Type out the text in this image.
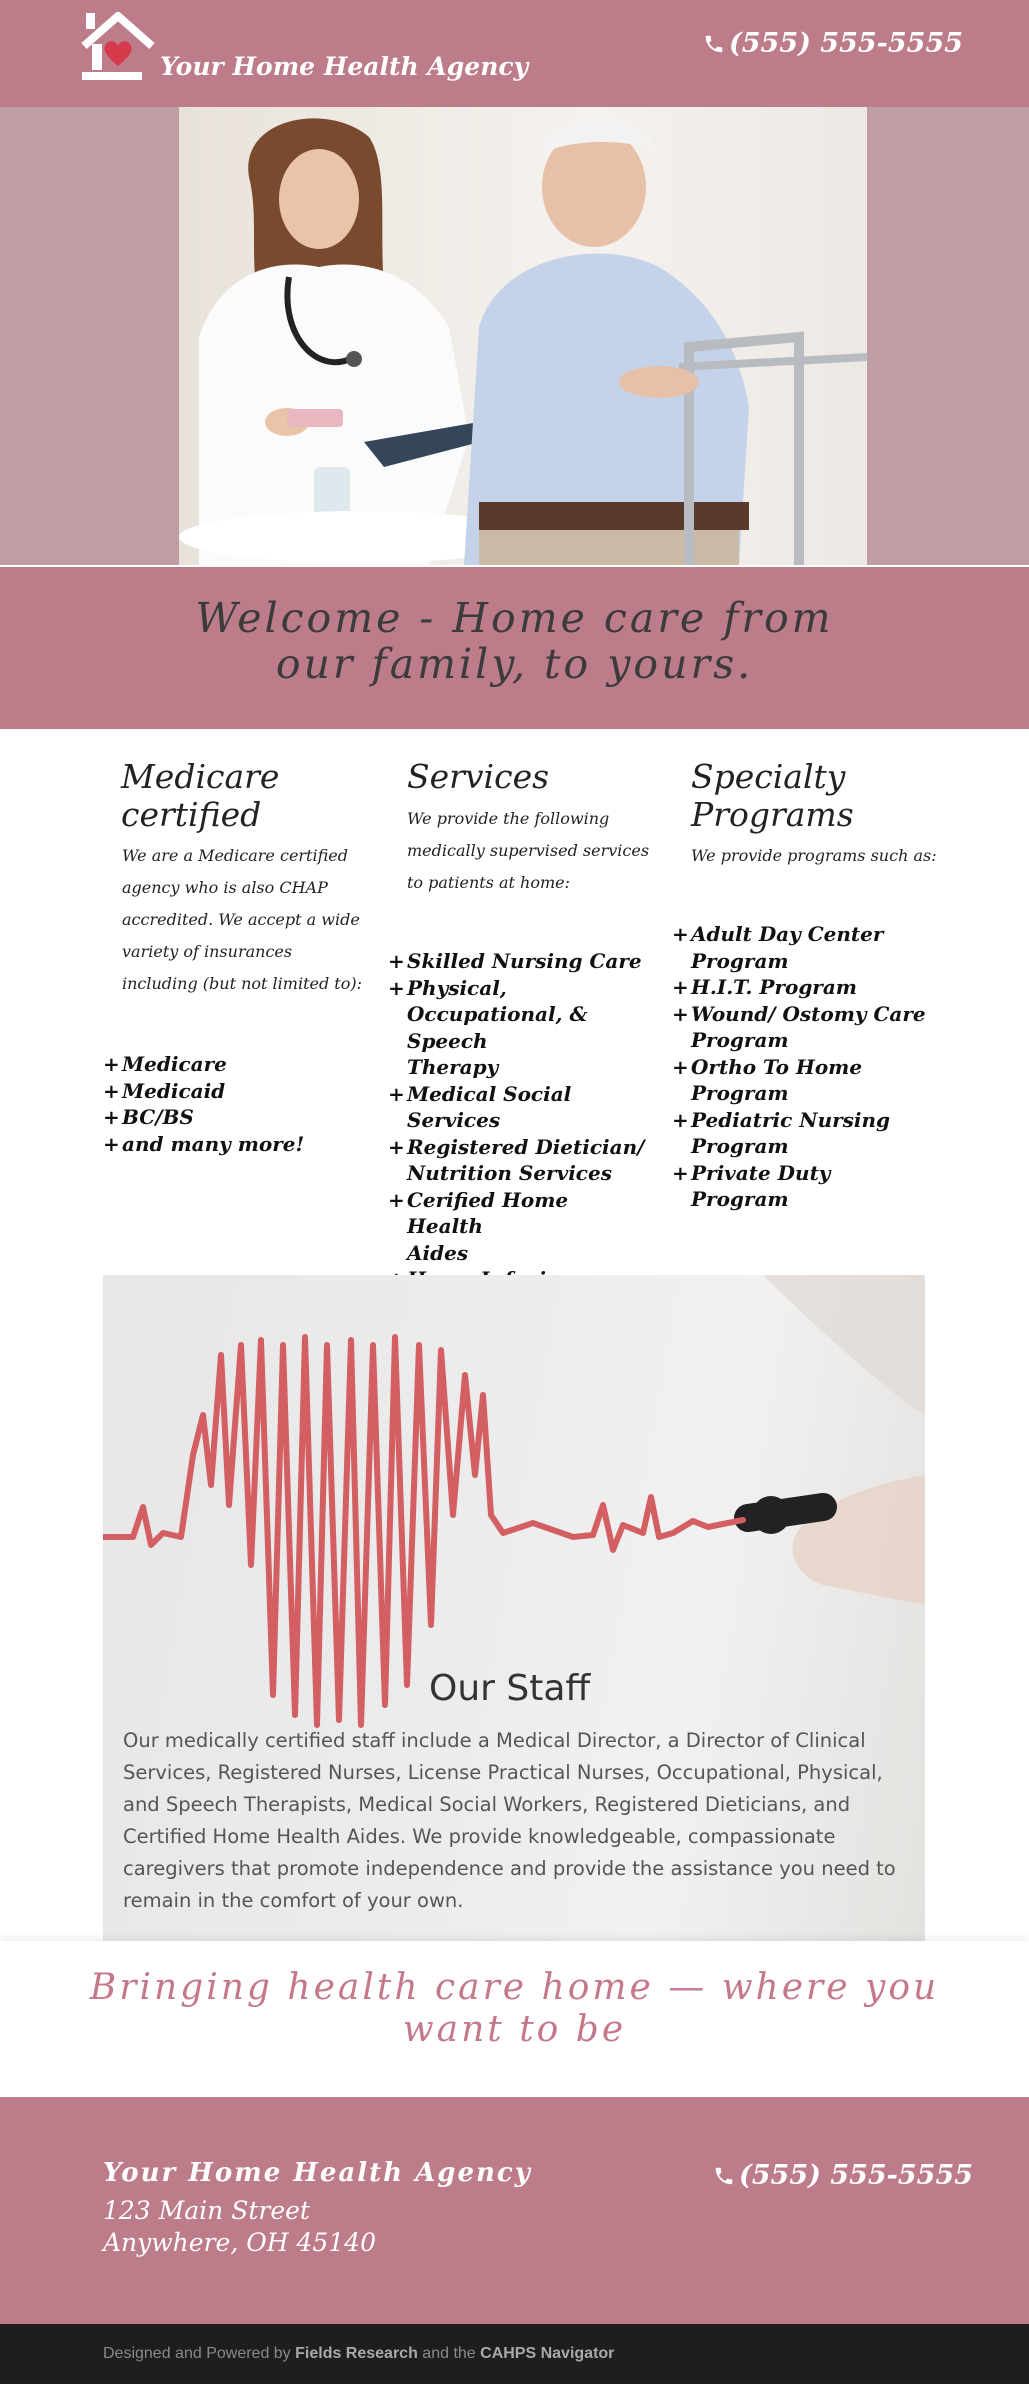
Your Home Health Agency
(555) 555-5555
Welcome - Home care from
our family, to yours.
Medicare
certified
We are a Medicare certified
agency who is also CHAP
accredited. We accept a wide
variety of insurances
including (but not limited to):
+ Medicare
+ Medicaid
+ BC/BS
+ and many more!
Services
We provide the following
medically supervised services
to patients at home:
+ Skilled Nursing Care
+ Physical,
Occupational, & Speech
Therapy
+ Medical Social Services
+ Registered Dietician/
Nutrition Services
+ Cerified Home Health
Aides

Specialty
Programs
We provide programs such as:
+ Adult Day Center
Program
+ H.I.T. Program
+ Wound/ Ostomy Care
Program
+ Ortho To Home
Program
+ Pediatric Nursing
Program
+ Private Duty Program
Our Staff
Our medically certified staff include a Medical Director, a Director of Clinical Services, Registered Nurses, License Practical Nurses, Occupational, Physical, and Speech Therapists, Medical Social Workers, Registered Dieticians, and Certified Home Health Aides. We provide knowledgeable, compassionate caregivers that promote independence and provide the assistance you need to remain in the comfort of your own.
Bringing health care home — where you
want to be
Your Home Health Agency
123 Main Street
Anywhere, OH 45140
(555) 555-5555
Designed and Powered by Fields Research and the CAHPS Navigator
